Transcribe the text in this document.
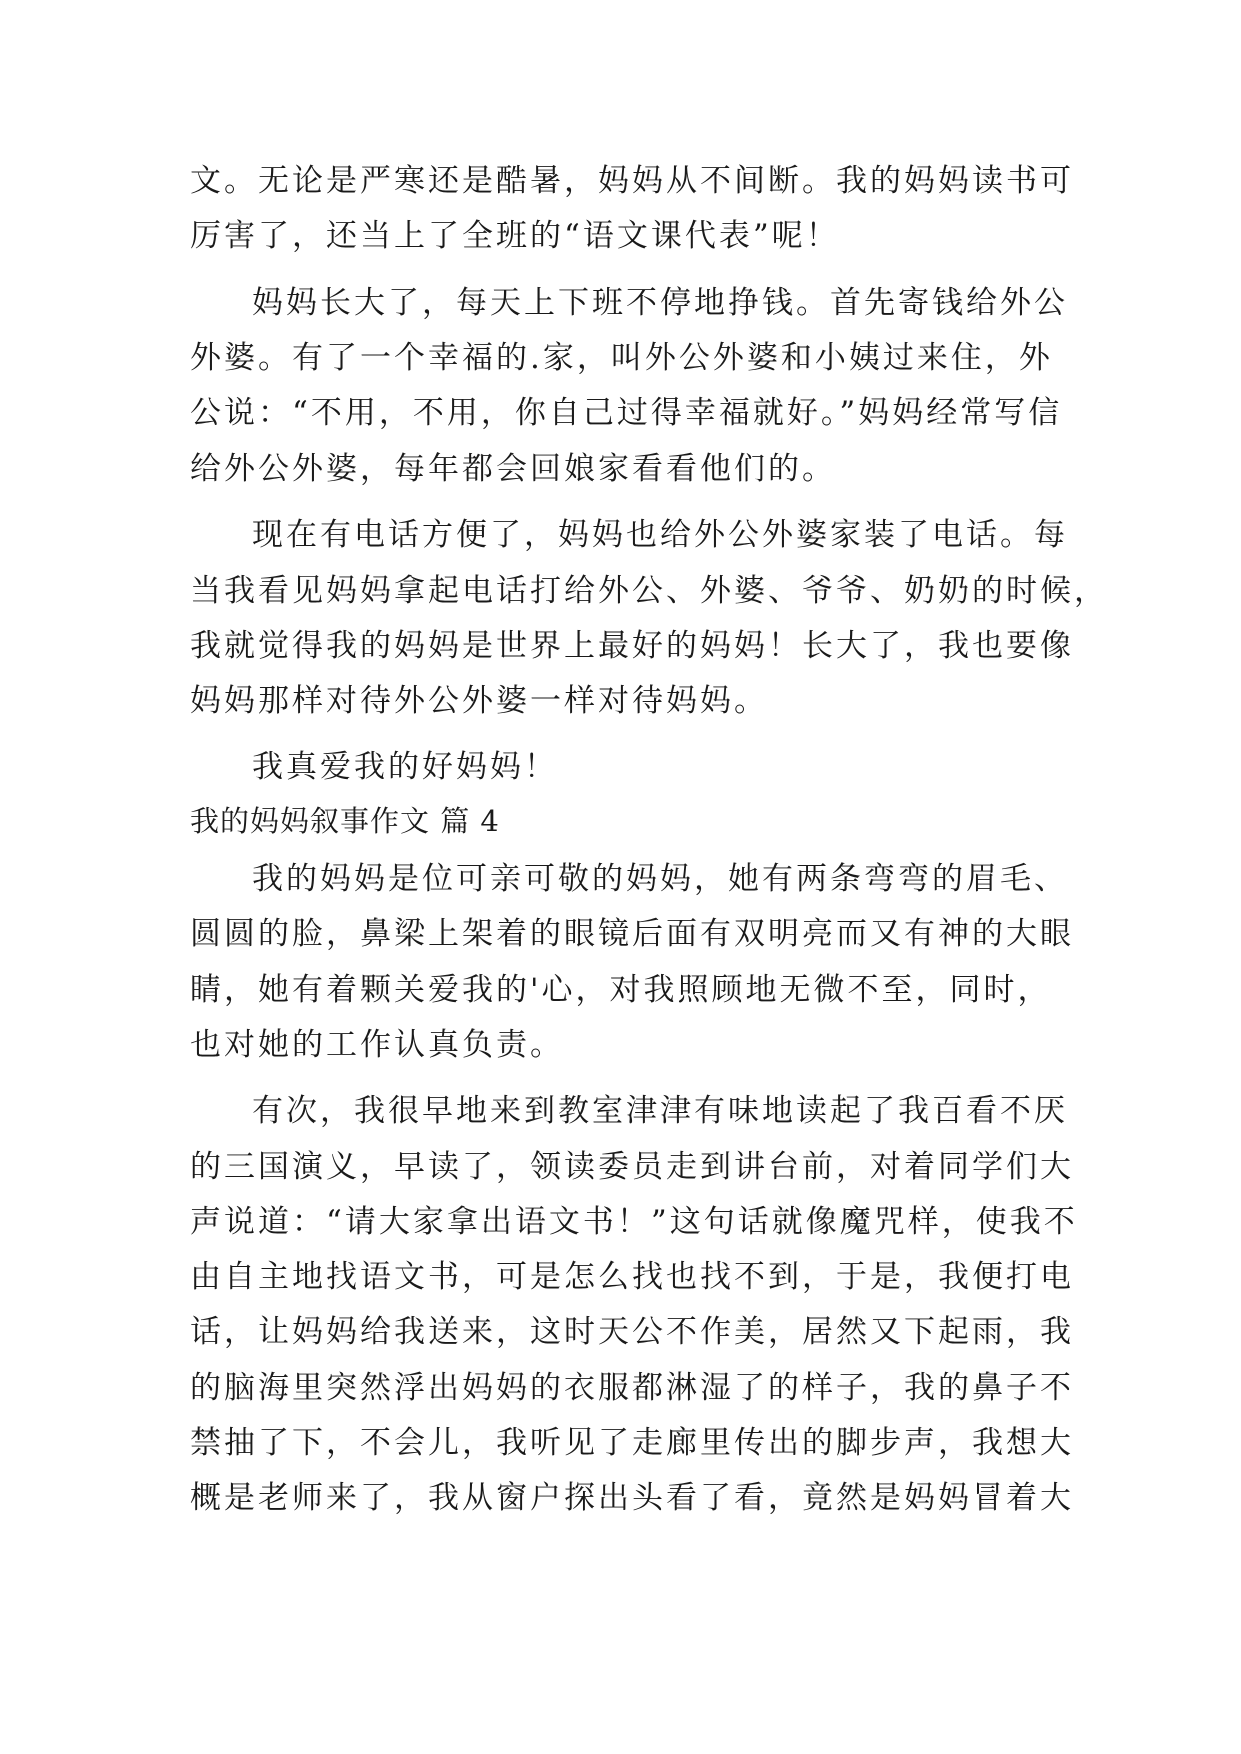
文。无论是严寒还是酷暑，妈妈从不间断。我的妈妈读书可
厉害了，还当上了全班的“语文课代表”呢！
妈妈长大了，每天上下班不停地挣钱。首先寄钱给外公
外婆。有了一个幸福的.家，叫外公外婆和小姨过来住，外
公说：“不用，不用，你自己过得幸福就好。”妈妈经常写信
给外公外婆，每年都会回娘家看看他们的。
现在有电话方便了，妈妈也给外公外婆家装了电话。每
当我看见妈妈拿起电话打给外公、外婆、爷爷、奶奶的时候，
我就觉得我的妈妈是世界上最好的妈妈！长大了，我也要像
妈妈那样对待外公外婆一样对待妈妈。
我真爱我的好妈妈！
我的妈妈叙事作文 篇 4
我的妈妈是位可亲可敬的妈妈，她有两条弯弯的眉毛、
圆圆的脸，鼻梁上架着的眼镜后面有双明亮而又有神的大眼
睛，她有着颗关爱我的'心，对我照顾地无微不至，同时，
也对她的工作认真负责。
有次，我很早地来到教室津津有味地读起了我百看不厌
的三国演义，早读了，领读委员走到讲台前，对着同学们大
声说道：“请大家拿出语文书！”这句话就像魔咒样，使我不
由自主地找语文书，可是怎么找也找不到，于是，我便打电
话，让妈妈给我送来，这时天公不作美，居然又下起雨，我
的脑海里突然浮出妈妈的衣服都淋湿了的样子，我的鼻子不
禁抽了下，不会儿，我听见了走廊里传出的脚步声，我想大
概是老师来了，我从窗户探出头看了看，竟然是妈妈冒着大
